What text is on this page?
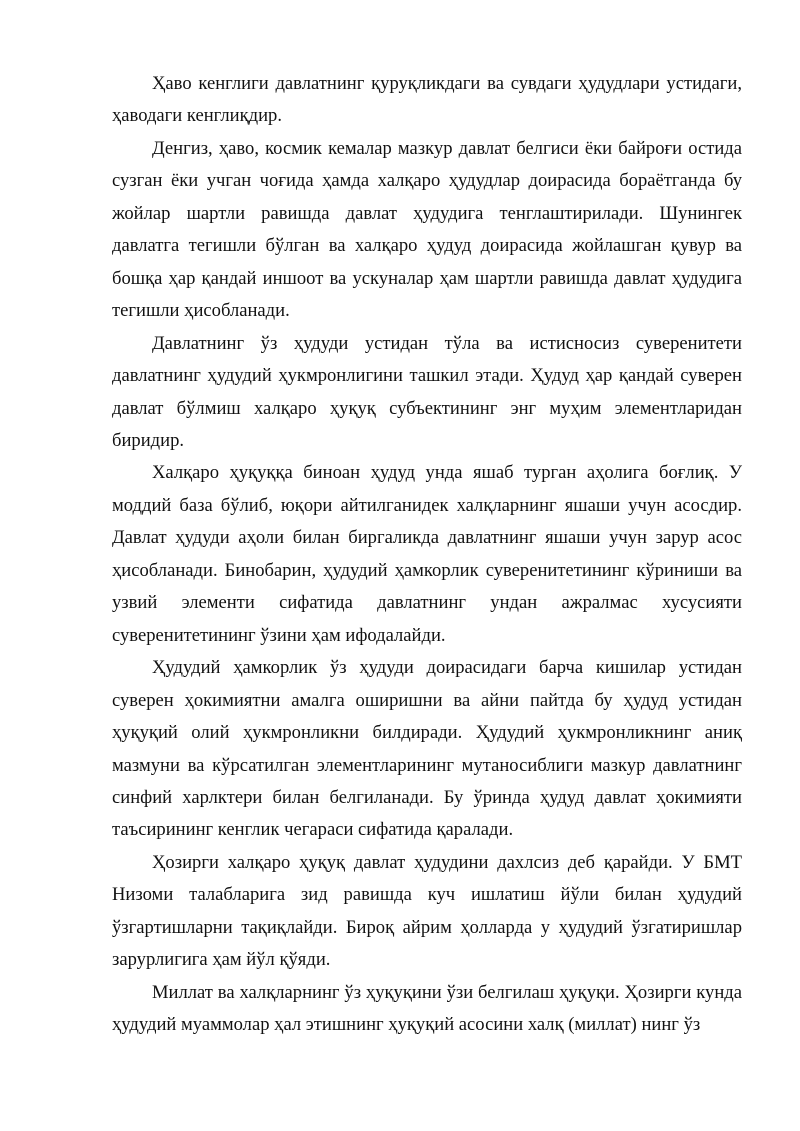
Ҳаво кенглиги давлатнинг қуруқликдаги ва сувдаги ҳудудлари устидаги, ҳаводаги кенглиқдир.

Денгиз, ҳаво, космик кемалар мазкур давлат белгиси ёки байроғи остида сузган ёки учган чоғида ҳамда халқаро ҳудудлар доирасида бораётганда бу жойлар шартли равишда давлат ҳудудига тенглаштирилади. Шунингек давлатга тегишли бўлган ва халқаро ҳудуд доирасида жойлашган қувур ва бошқа ҳар қандай иншоот ва ускуналар ҳам шартли равишда давлат ҳудудига тегишли ҳисобланади.

Давлатнинг ўз ҳудуди устидан тўла ва истисносиз суверенитети давлатнинг ҳудудий ҳукмронлигини ташкил этади. Ҳудуд ҳар қандай суверен давлат бўлмиш халқаро ҳуқуқ субъектининг энг муҳим элементларидан биридир.

Халқаро ҳуқуққа биноан ҳудуд унда яшаб турган аҳолига боғлиқ. У моддий база бўлиб, юқори айтилганидек халқларнинг яшаши учун асосдир. Давлат ҳудуди аҳоли билан биргаликда давлатнинг яшаши учун зарур асос ҳисобланади. Бинобарин, ҳудудий ҳамкорлик суверенитетининг кўриниши ва узвий элементи сифатида давлатнинг ундан ажралмас хусусияти суверенитетининг ўзини ҳам ифодалайди.

Ҳудудий ҳамкорлик ўз ҳудуди доирасидаги барча кишилар устидан суверен ҳокимиятни амалга оширишни ва айни пайтда бу ҳудуд устидан ҳуқуқий олий ҳукмронликни билдиради. Ҳудудий ҳукмронликнинг аниқ мазмуни ва кўрсатилган элементларининг мутаносиблиги мазкур давлатнинг синфий харлктери билан белгиланади. Бу ўринда ҳудуд давлат ҳокимияти таъсирининг кенглик чегараси сифатида қаралади.

Ҳозирги халқаро ҳуқуқ давлат ҳудудини дахлсиз деб қарайди. У БМТ Низоми талабларига зид равишда куч ишлатиш йўли билан ҳудудий ўзгартишларни тақиқлайди. Бироқ айрим ҳолларда у ҳудудий ўзгатиришлар зарурлигига ҳам йўл қўяди.

Миллат ва халқларнинг ўз ҳуқуқини ўзи белгилаш ҳуқуқи. Ҳозирги кунда ҳудудий муаммолар ҳал этишнинг ҳуқуқий асосини халқ (миллат) нинг ўз
